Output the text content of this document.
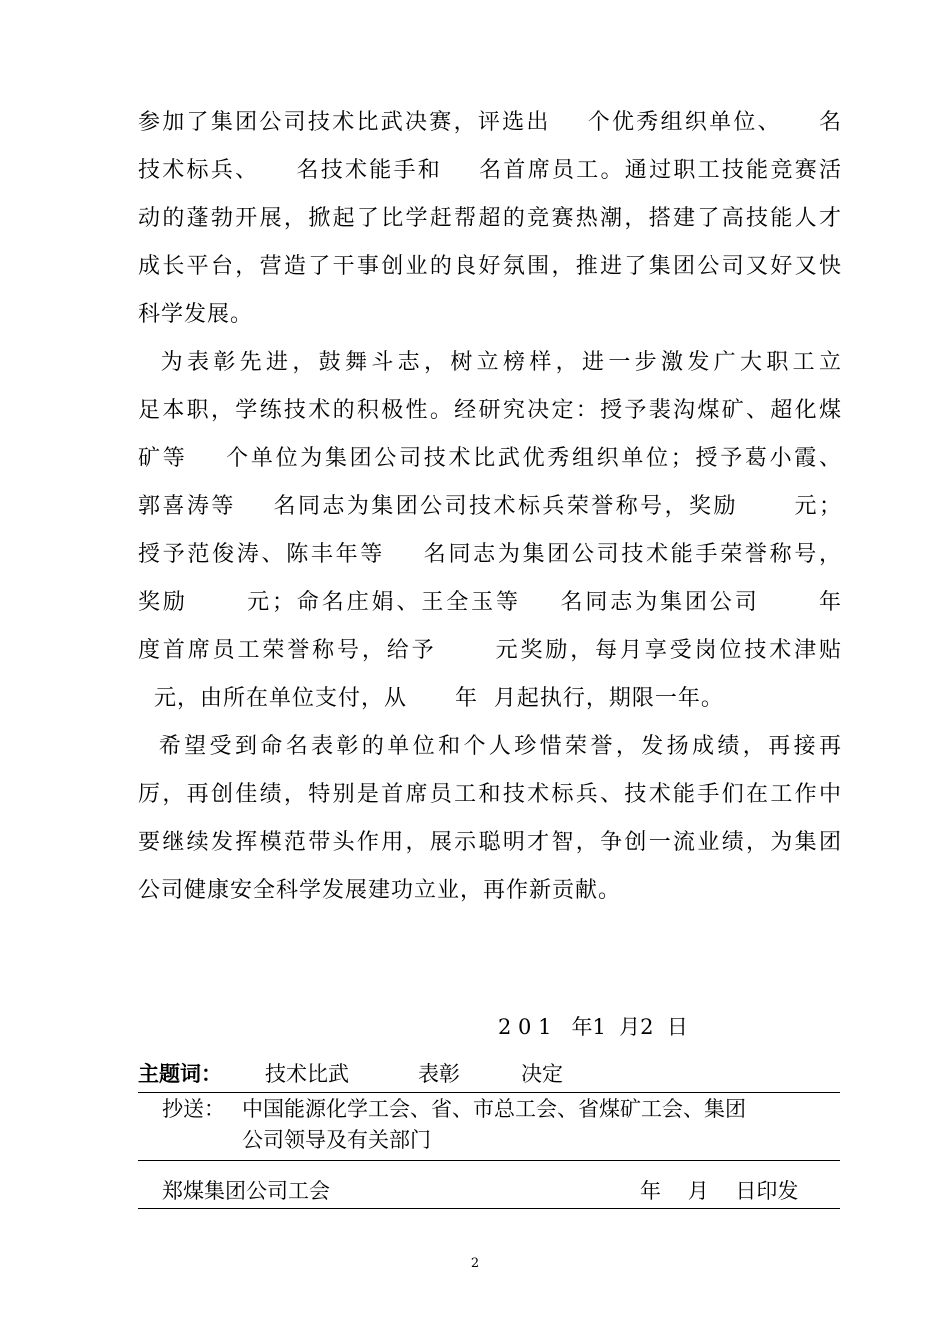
参加了集团公司技术比武决赛，评选出    个优秀组织单位、    名
技术标兵、    名技术能手和    名首席员工。通过职工技能竞赛活
动的蓬勃开展，掀起了比学赶帮超的竞赛热潮，搭建了高技能人才
成长平台，营造了干事创业的良好氛围，推进了集团公司又好又快
科学发展。
为表彰先进，鼓舞斗志，树立榜样，进一步激发广大职工立
足本职，学练技术的积极性。经研究决定：授予裴沟煤矿、超化煤
矿等    个单位为集团公司技术比武优秀组织单位；授予葛小霞、
郭喜涛等    名同志为集团公司技术标兵荣誉称号，奖励      元；
授予范俊涛、陈丰年等    名同志为集团公司技术能手荣誉称号，
奖励      元；命名庄娟、王全玉等    名同志为集团公司      年
度首席员工荣誉称号，给予      元奖励，每月享受岗位技术津贴
元，由所在单位支付，从      年  月起执行，期限一年。
希望受到命名表彰的单位和个人珍惜荣誉，发扬成绩，再接再
厉，再创佳绩，特别是首席员工和技术标兵、技术能手们在工作中
要继续发挥模范带头作用，展示聪明才智，争创一流业绩，为集团
公司健康安全科学发展建功立业，再作新贡献。
2 0 1   年1  月2  日
主题词： 技术比武	表彰	决定
抄送： 中国能源化学工会、省、市总工会、省煤矿工会、集团
公司领导及有关部门
郑煤集团公司工会	年    月    日印发
2
